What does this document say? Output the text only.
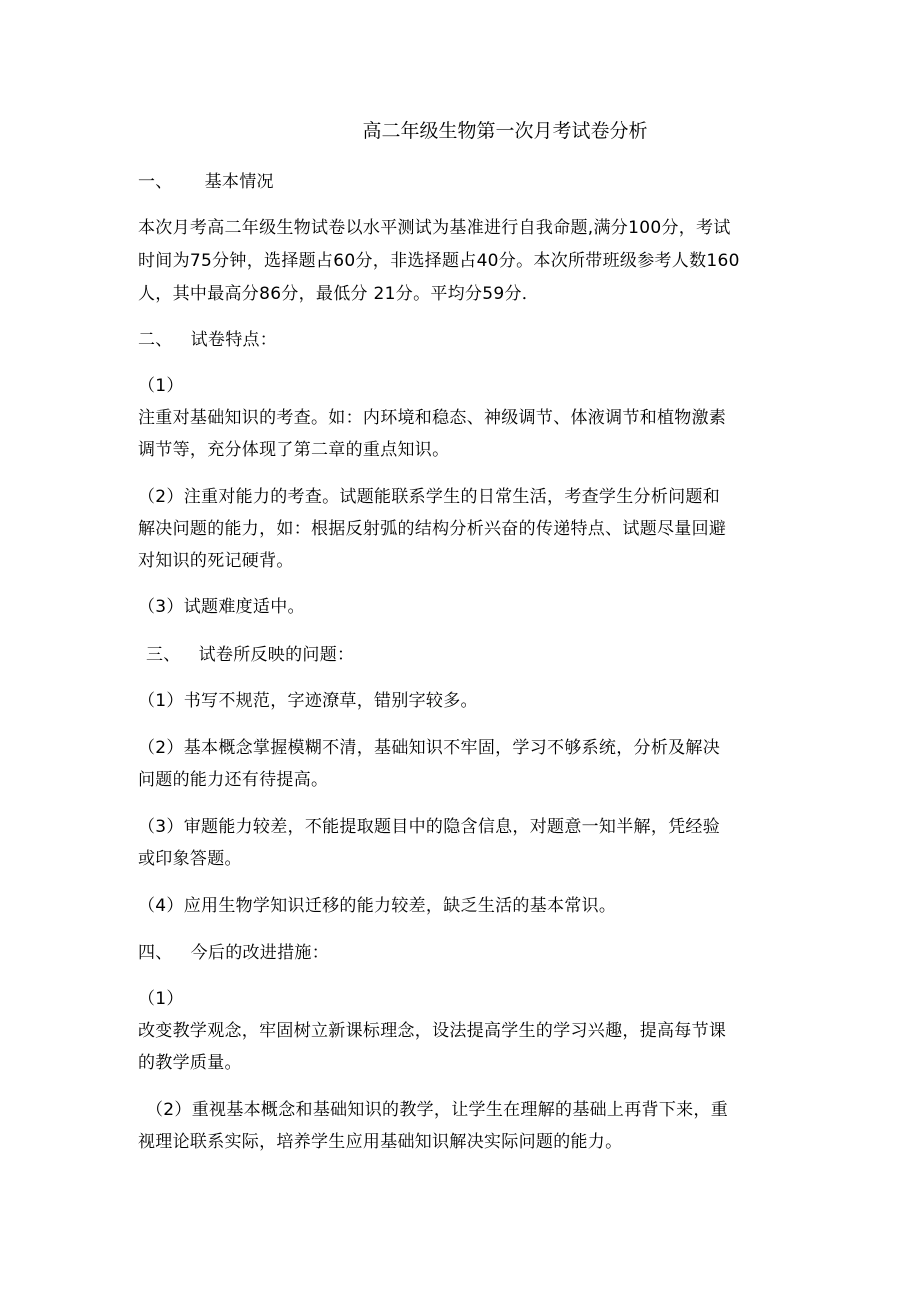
高二年级生物第一次月考试卷分析
一、 基本情况
本次月考高二年级生物试卷以水平测试为基准进行自我命题,满分100分，考试
时间为75分钟，选择题占60分，非选择题占40分。本次所带班级参考人数160
人，其中最高分86分，最低分 21分。平均分59分．
二、 试卷特点：
（1）
注重对基础知识的考查。如：内环境和稳态、神级调节、体液调节和植物激素
调节等，充分体现了第二章的重点知识。
（2）注重对能力的考查。试题能联系学生的日常生活，考查学生分析问题和
解决问题的能力，如：根据反射弧的结构分析兴奋的传递特点、试题尽量回避
对知识的死记硬背。
（3）试题难度适中。
三、 试卷所反映的问题：
（1）书写不规范，字迹潦草，错别字较多。
（2）基本概念掌握模糊不清，基础知识不牢固，学习不够系统，分析及解决
问题的能力还有待提高。
（3）审题能力较差，不能提取题目中的隐含信息，对题意一知半解，凭经验
或印象答题。
（4）应用生物学知识迁移的能力较差，缺乏生活的基本常识。
四、 今后的改进措施：
（1）
改变教学观念，牢固树立新课标理念，设法提高学生的学习兴趣，提高每节课
的教学质量。
（2）重视基本概念和基础知识的教学，让学生在理解的基础上再背下来，重
视理论联系实际，培养学生应用基础知识解决实际问题的能力。
